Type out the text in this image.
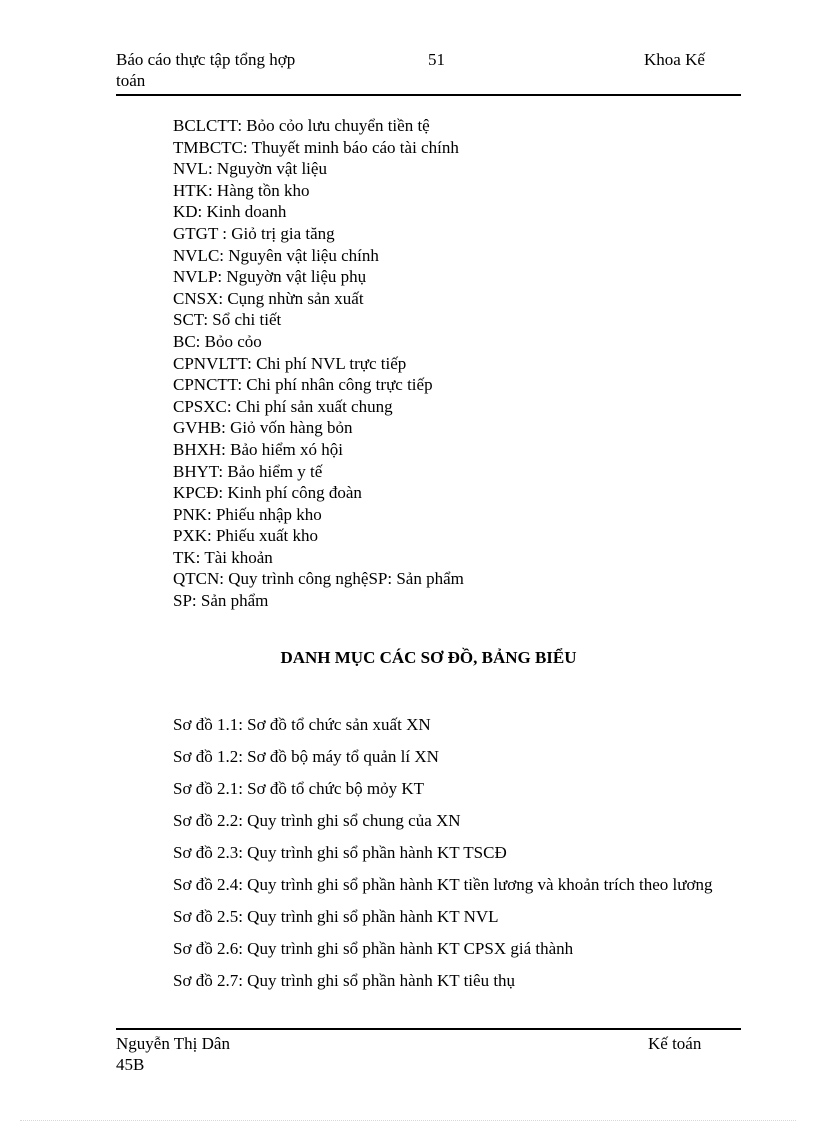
Báo cáo thực tập tổng hợp
toán
51	Khoa Kế
BCLCTT: Bỏo cỏo lưu chuyển tiền tệ
TMBCTC: Thuyết minh báo cáo tài chính
NVL: Nguyờn vật liệu
HTK: Hàng tồn kho
KD: Kinh doanh
GTGT : Giỏ trị gia tăng
NVLC: Nguyên vật liệu chính
NVLP: Nguyờn vật liệu phụ
CNSX: Cụng nhừn sản xuất
SCT: Sổ chi tiết
BC: Bỏo cỏo
CPNVLTT: Chi phí NVL trực tiếp
CPNCTT: Chi phí nhân công trực tiếp
CPSXC: Chi phí sản xuất chung
GVHB: Giỏ vốn hàng bỏn
BHXH: Bảo hiểm xó hội
BHYT: Bảo hiểm y tế
KPCĐ: Kinh phí công đoàn
PNK: Phiếu nhập kho
PXK: Phiếu xuất kho
TK: Tài khoản
QTCN: Quy trình công nghệSP: Sản phẩm
SP: Sản phẩm
DANH MỤC CÁC SƠ ĐỒ, BẢNG BIỂU
Sơ đồ 1.1: Sơ đồ tổ chức sản xuất XN
Sơ đồ 1.2: Sơ đồ bộ máy tổ quản lí XN
Sơ đồ 2.1: Sơ đồ tổ chức bộ mỏy KT
Sơ đồ 2.2: Quy trình ghi sổ chung của XN
Sơ đồ 2.3: Quy trình ghi sổ phần hành KT TSCĐ
Sơ đồ 2.4: Quy trình ghi sổ phần hành KT tiền lương và khoản trích theo lương
Sơ đồ 2.5: Quy trình ghi sổ phần hành KT NVL
Sơ đồ 2.6: Quy trình ghi sổ phần hành KT CPSX giá thành
Sơ đồ 2.7: Quy trình ghi sổ phần hành KT tiêu thụ
Nguyễn Thị Dân
45B
Kế toán
